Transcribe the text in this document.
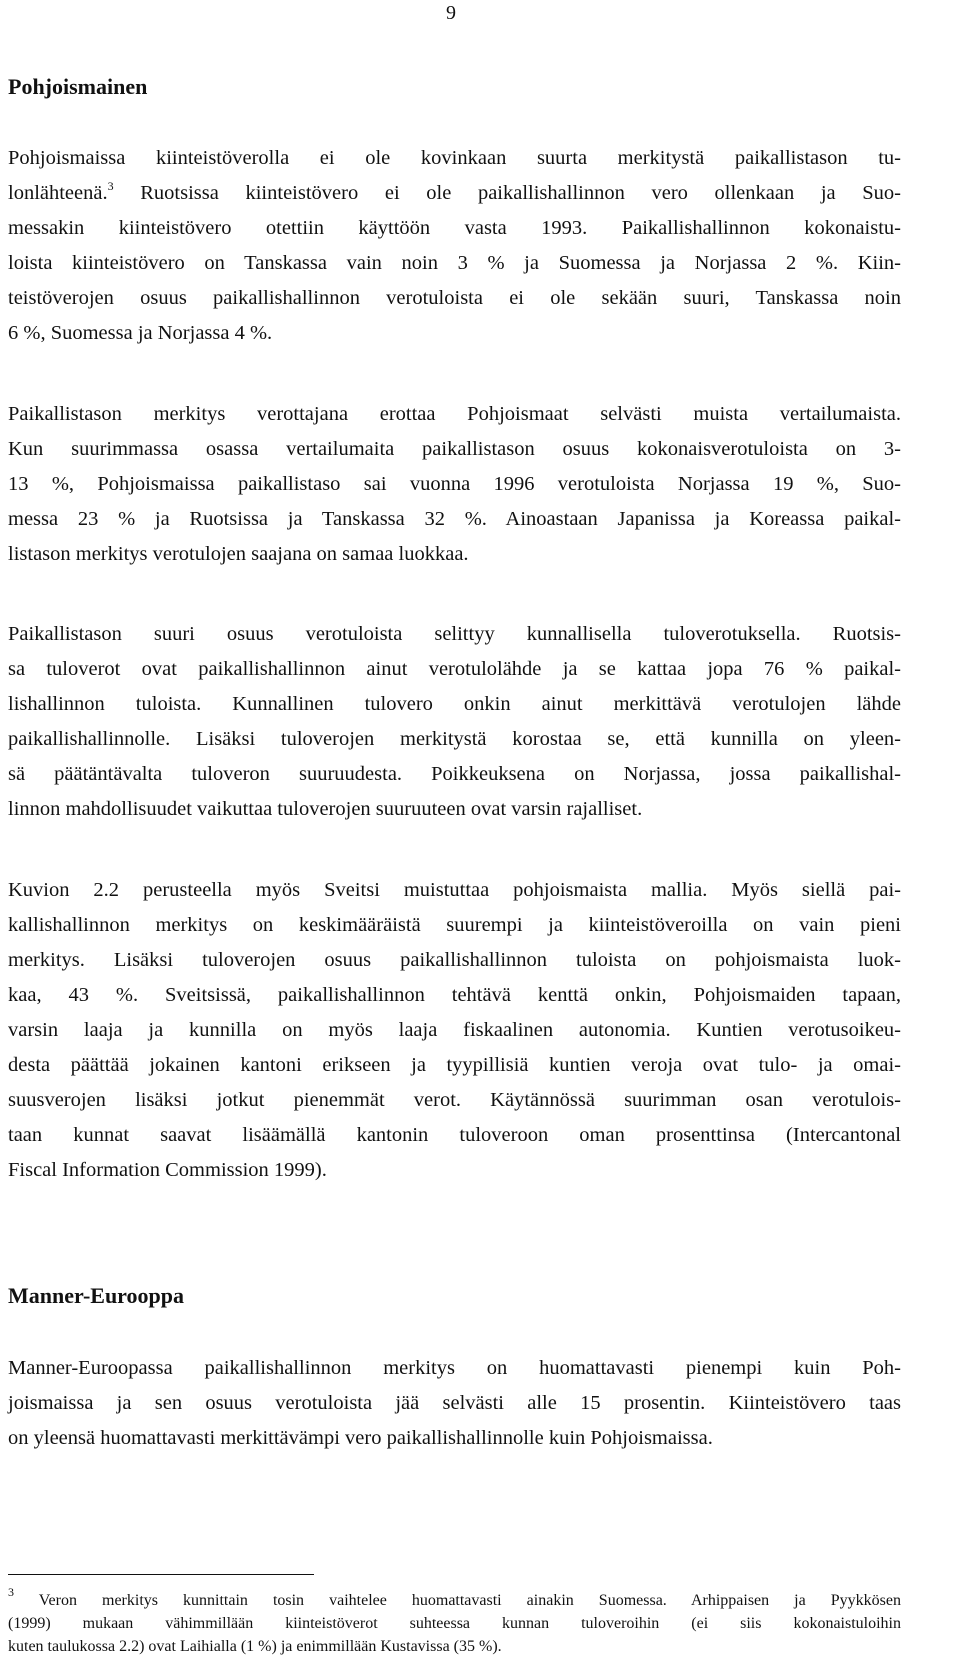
9
Pohjoismainen

Pohjoismaissa kiinteistöverolla ei ole kovinkaan suurta merkitystä paikallistason tu-
lonlähteenä.$^3$ Ruotsissa kiinteistövero ei ole paikallishallinnon vero ollenkaan ja Suo-
messakin kiinteistövero otettiin käyttöön vasta 1993. Paikallishallinnon kokonaistu-
loista kiinteistövero on Tanskassa vain noin 3 % ja Suomessa ja Norjassa 2 %. Kiin-
teistöverojen osuus paikallishallinnon verotuloista ei ole sekään suuri, Tanskassa noin
6 %, Suomessa ja Norjassa 4 %.

Paikallistason merkitys verottajana erottaa Pohjoismaat selvästi muista vertailumaista.
Kun suurimmassa osassa vertailumaita paikallistason osuus kokonaisverotuloista on 3-
13 %, Pohjoismaissa paikallistaso sai vuonna 1996 verotuloista Norjassa 19 %, Suo-
messa 23 % ja Ruotsissa ja Tanskassa 32 %. Ainoastaan Japanissa ja Koreassa paikal-
listason merkitys verotulojen saajana on samaa luokkaa.

Paikallistason suuri osuus verotuloista selittyy kunnallisella tuloverotuksella. Ruotsis-
sa tuloverot ovat paikallishallinnon ainut verotulolähde ja se kattaa jopa 76 % paikal-
lishallinnon tuloista. Kunnallinen tulovero onkin ainut merkittävä verotulojen lähde
paikallishallinnolle. Lisäksi tuloverojen merkitystä korostaa se, että kunnilla on yleen-
sä päätäntävalta tuloveron suuruudesta. Poikkeuksena on Norjassa, jossa paikallishal-
linnon mahdollisuudet vaikuttaa tuloverojen suuruuteen ovat varsin rajalliset.

Kuvion 2.2 perusteella myös Sveitsi muistuttaa pohjoismaista mallia. Myös siellä pai-
kallishallinnon merkitys on keskimääräistä suurempi ja kiinteistöveroilla on vain pieni
merkitys. Lisäksi tuloverojen osuus paikallishallinnon tuloista on pohjoismaista luok-
kaa, 43 %. Sveitsissä, paikallishallinnon tehtävä kenttä onkin, Pohjoismaiden tapaan,
varsin laaja ja kunnilla on myös laaja fiskaalinen autonomia. Kuntien verotusoikeu-
desta päättää jokainen kantoni erikseen ja tyypillisiä kuntien veroja ovat tulo- ja omai-
suusverojen lisäksi jotkut pienemmät verot. Käytännössä suurimman osan verotulois-
taan kunnat saavat lisäämällä kantonin tuloveroon oman prosenttinsa (Intercantonal
Fiscal Information Commission 1999).

Manner-Eurooppa

Manner-Euroopassa paikallishallinnon merkitys on huomattavasti pienempi kuin Poh-
joismaissa ja sen osuus verotuloista jää selvästi alle 15 prosentin. Kiinteistövero taas
on yleensä huomattavasti merkittävämpi vero paikallishallinnolle kuin Pohjoismaissa.

$^3$ Veron merkitys kunnittain tosin vaihtelee huomattavasti ainakin Suomessa. Arhippaisen ja Pyykkösen
(1999) mukaan vähimmillään kiinteistöverot suhteessa kunnan tuloveroihin (ei siis kokonaistuloihin
kuten taulukossa 2.2) ovat Laihialla (1 %) ja enimmillään Kustavissa (35 %).
